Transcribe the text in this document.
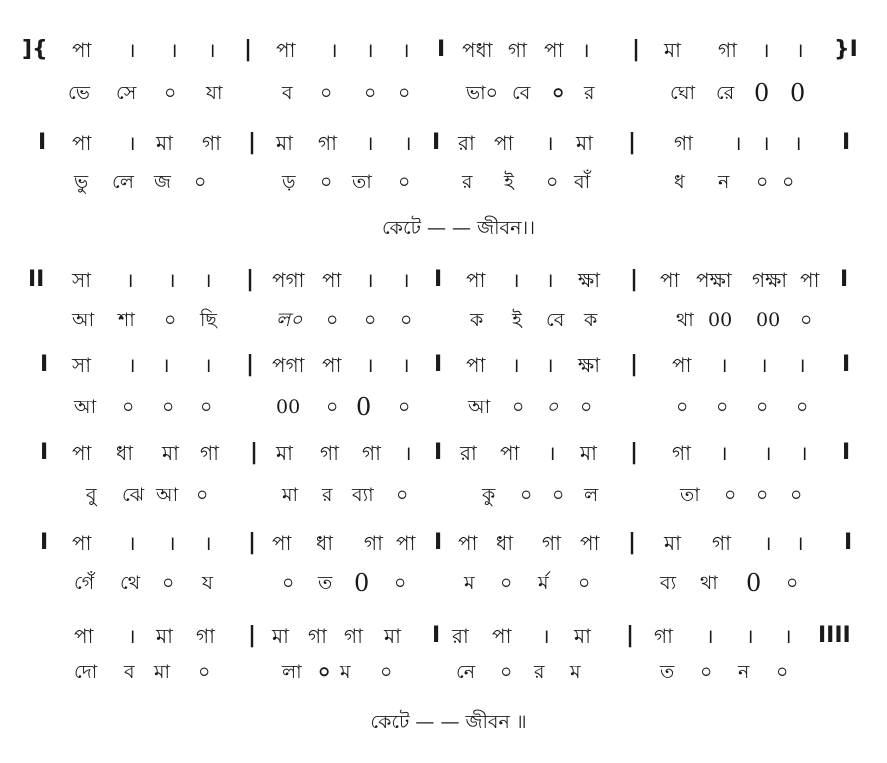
]{ পা । । । | পা । । । I পধা গা পা । | মা গা । । }I
ভে সে ০ যা	ব ০ ০ ০	ভা০ বে ০ র	ঘো রে 0 0
I পা । মা গা | মা গা । । I রা পা । মা | গা । । । I
ভু লে জ ০	ড় ০ তা ০	র ই ০ বাঁ	ধ ন ০ ০
কেটে — — জীবন।।
II সা । । । | পগা পা । । I পা । । ক্ষা | পা পক্ষা গক্ষা পা I
আ শা ০ ছি	ল০ ০ ০ ০	ক ই বে ক	থা 00 00 ০
I সা । । । | পগা পা । । I পা । । ক্ষা | পা । । । I
আ ০ ০ ০	00 ০ 0 ০	আ ০ ০ ০	০ ০ ০ ০
I পা ধা মা গা | মা গা গা । I রা পা । মা | গা । । । I
বু ঝে আ ০	মা র ব্যা ০	কু ০ ০ ল	তা ০ ০ ০
I পা । । । | পা ধা গা পা I পা ধা গা পা | মা গা । । I
গেঁ থে ০ য	০ ত 0 ০	ম ০ র্ম ০	ব্য থা 0 ০
পা । মা গা | মা গা গা মা I রা পা । মা | গা । । । IIII
দো ব মা ০	লা ০ ম ০	নে ০ র ম	ত ০ ন ০
কেটে — — জীবন ॥
